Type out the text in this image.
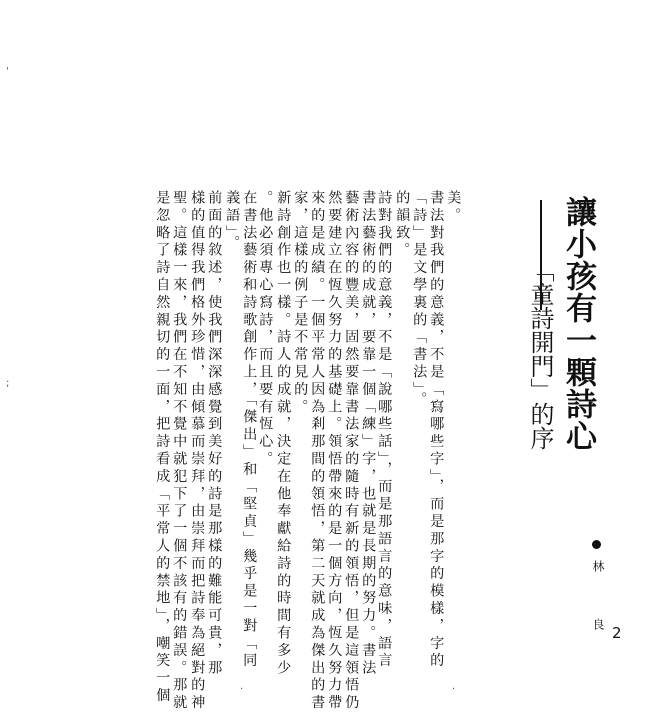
讓小孩有一顆詩心
「童詩開門」的序
林 良
美。
書法對我們的意義，不是「寫哪些字」，而是那字的模樣，字的
「詩」是文學裏的「書法」。
的韻致。
詩對我們的意義，不是「說哪些話」，而是那語言的意味，語言
書法藝術的成就，要靠一個「練」字，也就是長期的努力。書法
藝術內容的豐美，固然要靠書法家的隨時有新的領悟，但是這領悟仍
然要建立在恆久努力的基礎上。領悟帶來的是一個方向，恆久努力帶
來的是成績。一個平常人因為剎那間的領悟，第二天就成為傑出的書
家，這樣的例子是不常見的。
新詩創作也一樣。詩人的成就，決定在他奉獻給詩的時間有多少
。他必須專心寫詩，而且要有恆心。
在書法藝術和詩歌創作上，「傑出」和「堅貞」幾乎是一對「同
義語」。
前面的敘述，使我們深深感覺到美好的詩是那樣的難能可貴，那
樣的值得我們格外珍惜，由傾慕而崇拜，由崇拜而把詩奉為絕對的神
聖。這樣一來，我們在不知不覺中就犯下了一個不該有的錯誤。那就
是忽略了詩自然親切的一面，把詩看成「平常人的禁地」，嘲笑一個	2
'
;
·	·
